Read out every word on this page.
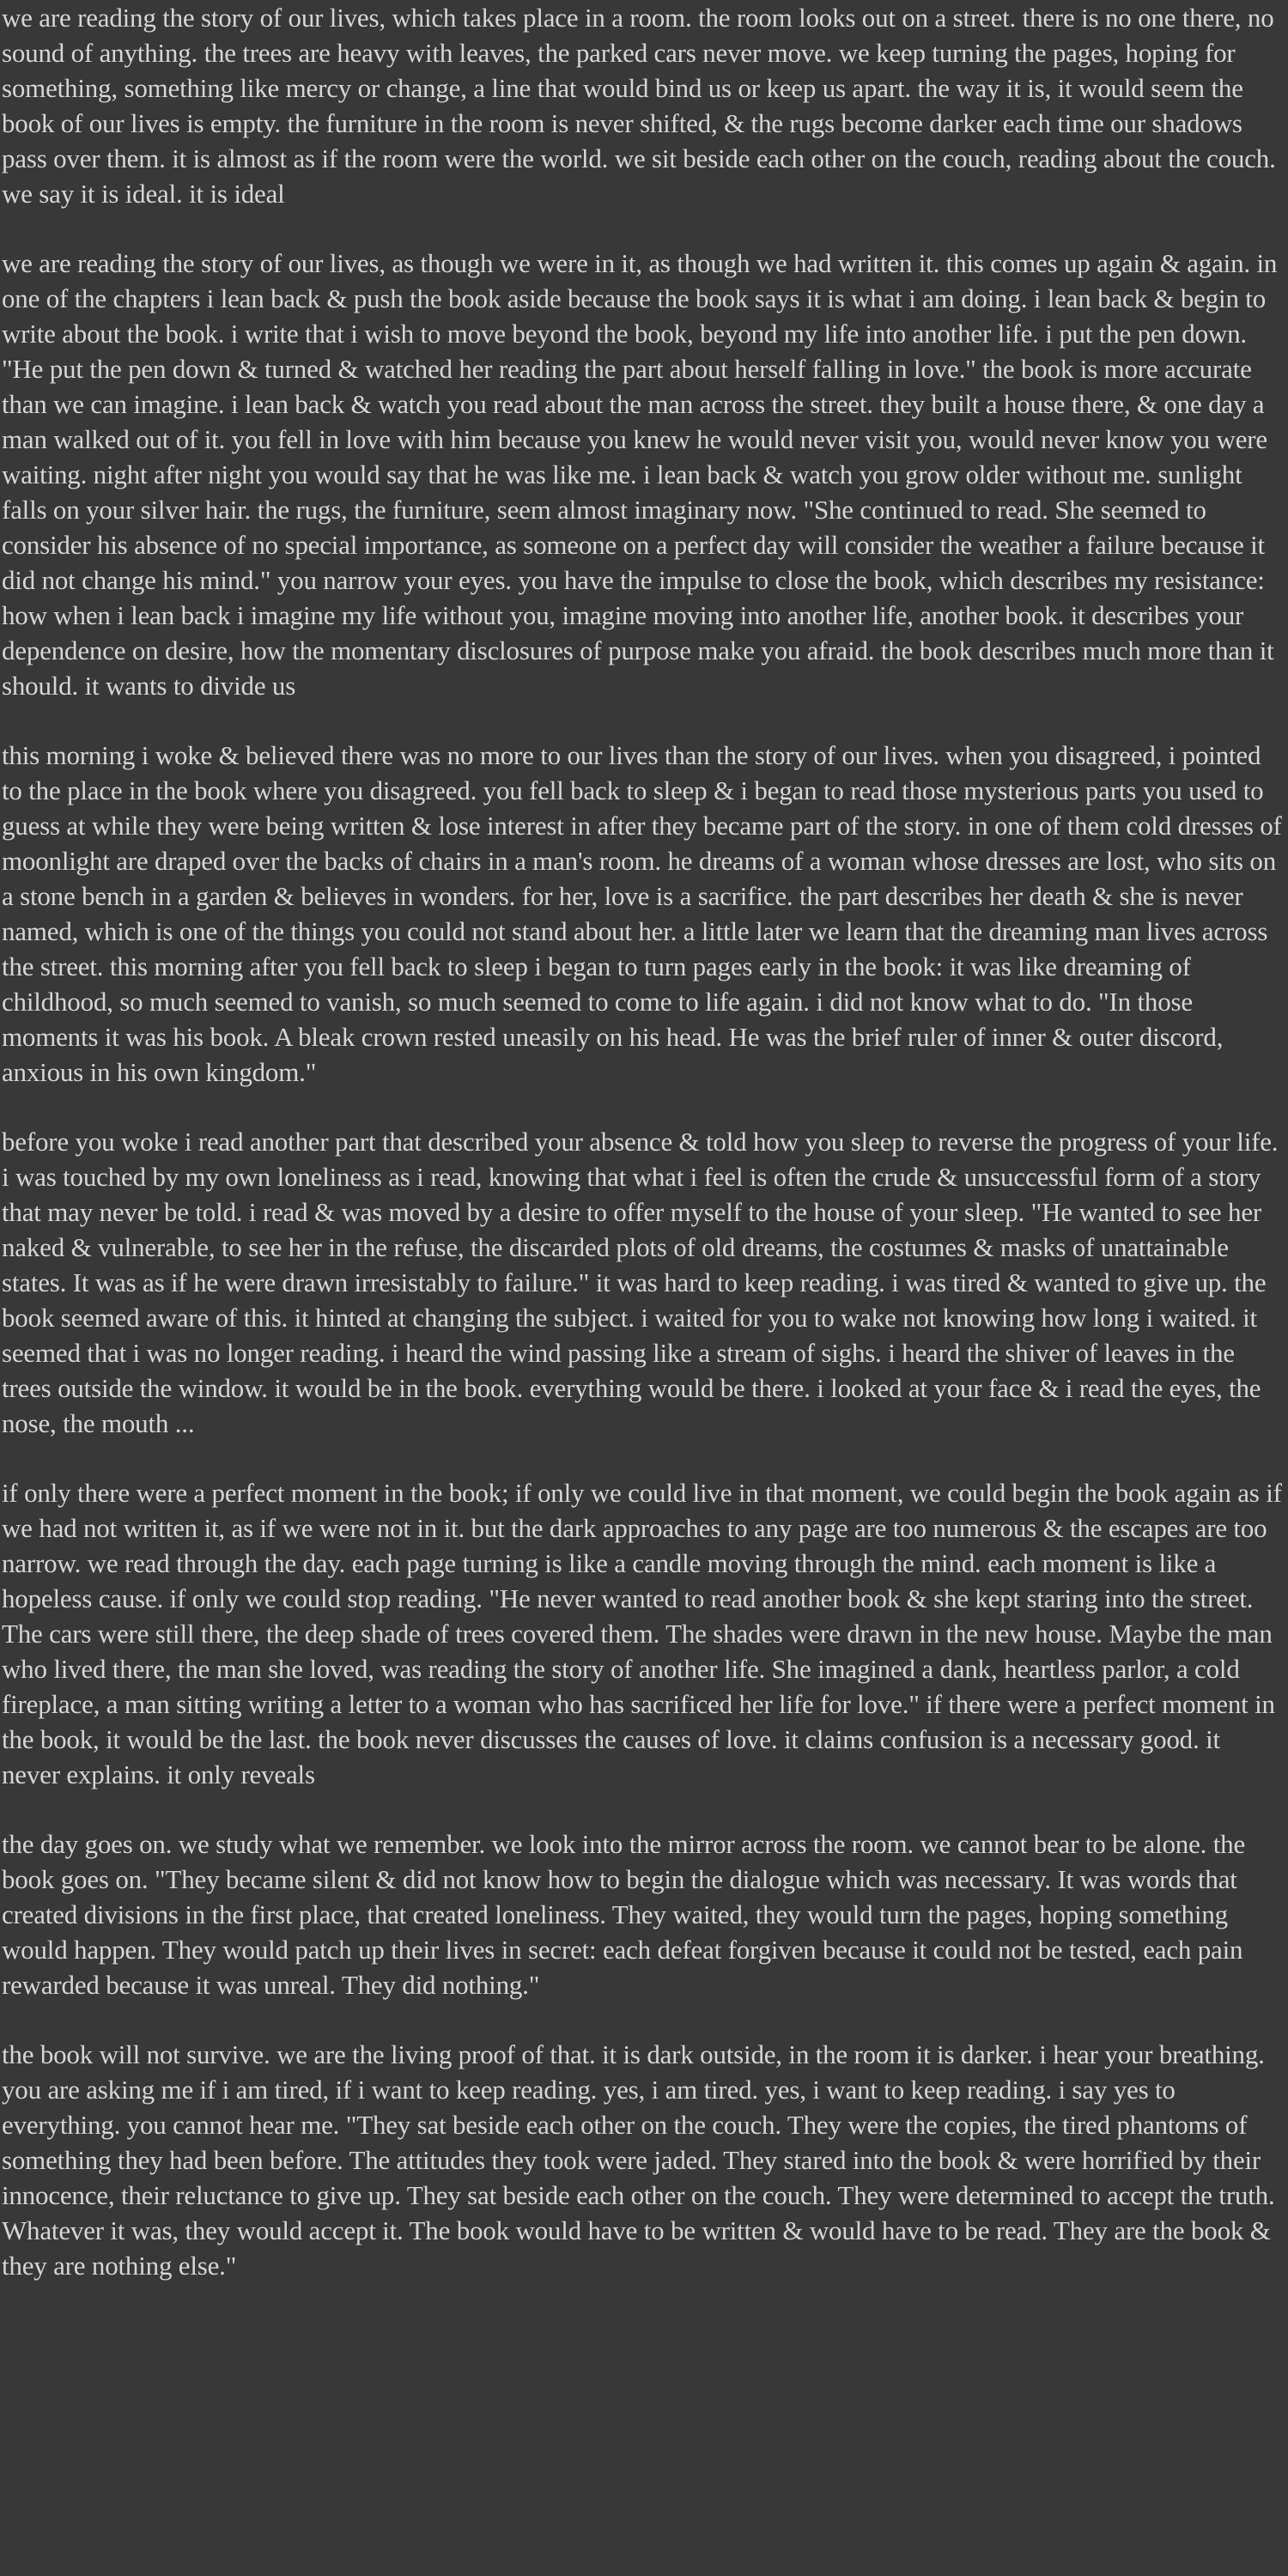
we are reading the story of our lives, which takes place in a room. the room looks out on a street. there is no one there, no sound of anything. the trees are heavy with leaves, the parked cars never move. we keep turning the pages, hoping for something, something like mercy or change, a line that would bind us or keep us apart. the way it is, it would seem the book of our lives is empty. the furniture in the room is never shifted, & the rugs become darker each time our shadows pass over them. it is almost as if the room were the world. we sit beside each other on the couch, reading about the couch. we say it is ideal. it is ideal

we are reading the story of our lives, as though we were in it, as though we had written it. this comes up again & again. in one of the chapters i lean back & push the book aside because the book says it is what i am doing. i lean back & begin to write about the book. i write that i wish to move beyond the book, beyond my life into another life. i put the pen down. "He put the pen down & turned & watched her reading the part about herself falling in love." the book is more accurate than we can imagine. i lean back & watch you read about the man across the street. they built a house there, & one day a man walked out of it. you fell in love with him because you knew he would never visit you, would never know you were waiting. night after night you would say that he was like me. i lean back & watch you grow older without me. sunlight falls on your silver hair. the rugs, the furniture, seem almost imaginary now. "She continued to read. She seemed to consider his absence of no special importance, as someone on a perfect day will consider the weather a failure because it did not change his mind." you narrow your eyes. you have the impulse to close the book, which describes my resistance: how when i lean back i imagine my life without you, imagine moving into another life, another book. it describes your dependence on desire, how the momentary disclosures of purpose make you afraid. the book describes much more than it should. it wants to divide us

this morning i woke & believed there was no more to our lives than the story of our lives. when you disagreed, i pointed to the place in the book where you disagreed. you fell back to sleep & i began to read those mysterious parts you used to guess at while they were being written & lose interest in after they became part of the story. in one of them cold dresses of moonlight are draped over the backs of chairs in a man's room. he dreams of a woman whose dresses are lost, who sits on a stone bench in a garden & believes in wonders. for her, love is a sacrifice. the part describes her death & she is never named, which is one of the things you could not stand about her. a little later we learn that the dreaming man lives across the street. this morning after you fell back to sleep i began to turn pages early in the book: it was like dreaming of childhood, so much seemed to vanish, so much seemed to come to life again. i did not know what to do. "In those moments it was his book. A bleak crown rested uneasily on his head. He was the brief ruler of inner & outer discord, anxious in his own kingdom."

before you woke i read another part that described your absence & told how you sleep to reverse the progress of your life. i was touched by my own loneliness as i read, knowing that what i feel is often the crude & unsuccessful form of a story that may never be told. i read & was moved by a desire to offer myself to the house of your sleep. "He wanted to see her naked & vulnerable, to see her in the refuse, the discarded plots of old dreams, the costumes & masks of unattainable states. It was as if he were drawn irresistably to failure." it was hard to keep reading. i was tired & wanted to give up. the book seemed aware of this. it hinted at changing the subject. i waited for you to wake not knowing how long i waited. it seemed that i was no longer reading. i heard the wind passing like a stream of sighs. i heard the shiver of leaves in the trees outside the window. it would be in the book. everything would be there. i looked at your face & i read the eyes, the nose, the mouth ...

if only there were a perfect moment in the book; if only we could live in that moment, we could begin the book again as if we had not written it, as if we were not in it. but the dark approaches to any page are too numerous & the escapes are too narrow. we read through the day. each page turning is like a candle moving through the mind. each moment is like a hopeless cause. if only we could stop reading. "He never wanted to read another book & she kept staring into the street. The cars were still there, the deep shade of trees covered them. The shades were drawn in the new house. Maybe the man who lived there, the man she loved, was reading the story of another life. She imagined a dank, heartless parlor, a cold fireplace, a man sitting writing a letter to a woman who has sacrificed her life for love." if there were a perfect moment in the book, it would be the last. the book never discusses the causes of love. it claims confusion is a necessary good. it never explains. it only reveals

the day goes on. we study what we remember. we look into the mirror across the room. we cannot bear to be alone. the book goes on. "They became silent & did not know how to begin the dialogue which was necessary. It was words that created divisions in the first place, that created loneliness. They waited, they would turn the pages, hoping something would happen. They would patch up their lives in secret: each defeat forgiven because it could not be tested, each pain rewarded because it was unreal. They did nothing."

the book will not survive. we are the living proof of that. it is dark outside, in the room it is darker. i hear your breathing. you are asking me if i am tired, if i want to keep reading. yes, i am tired. yes, i want to keep reading. i say yes to everything. you cannot hear me. "They sat beside each other on the couch. They were the copies, the tired phantoms of something they had been before. The attitudes they took were jaded. They stared into the book & were horrified by their innocence, their reluctance to give up. They sat beside each other on the couch. They were determined to accept the truth. Whatever it was, they would accept it. The book would have to be written & would have to be read. They are the book & they are nothing else."
